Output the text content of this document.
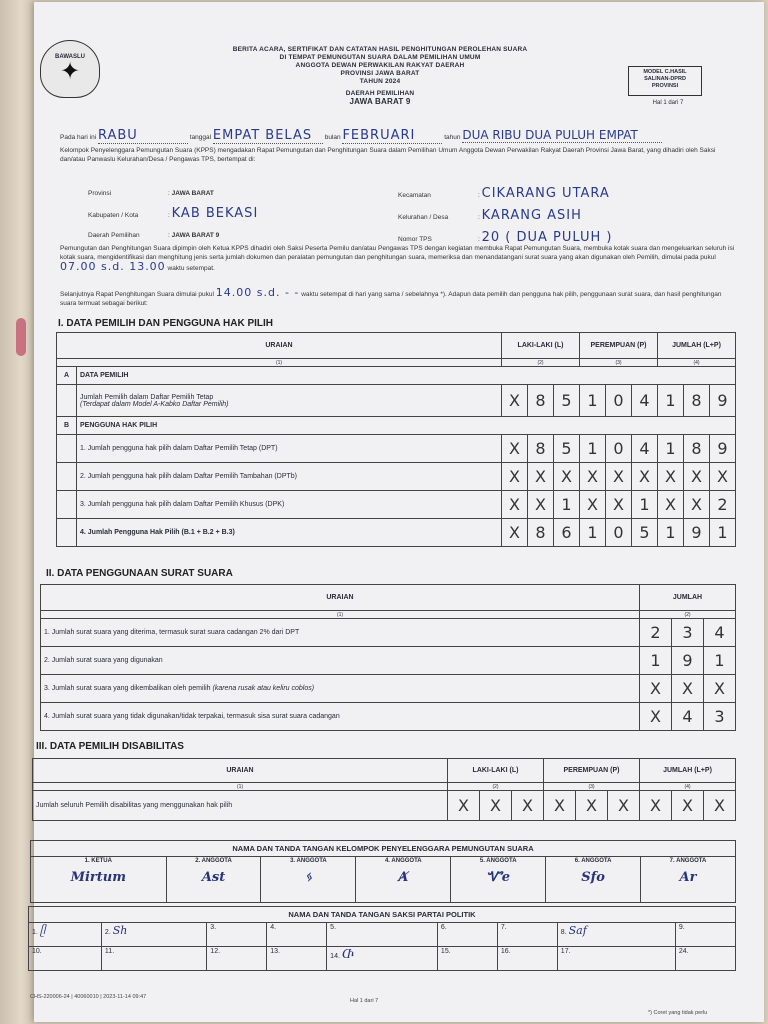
BAWASLU
✦
BERITA ACARA, SERTIFIKAT DAN CATATAN HASIL PENGHITUNGAN PEROLEHAN SUARA
DI TEMPAT PEMUNGUTAN SUARA DALAM PEMILIHAN UMUM
ANGGOTA DEWAN PERWAKILAN RAKYAT DAERAH
PROVINSI JAWA BARAT
TAHUN 2024
DAERAH PEMILIHAN
JAWA BARAT 9
MODEL C.HASIL
SALINAN-DPRD
PROVINSI
Hal 1 dari 7
Pada hari ini RABU	tanggal EMPAT BELAS bulan FEBRUARI	tahun DUA RIBU DUA PULUH EMPAT
Kelompok Penyelenggara Pemungutan Suara (KPPS) mengadakan Rapat Pemungutan dan Penghitungan Suara dalam Pemilihan Umum Anggota Dewan Perwakilan Rakyat Daerah Provinsi Jawa Barat, yang dihadiri oleh Saksi dan/atau Panwaslu Kelurahan/Desa / Pengawas TPS, bertempat di:
Provinsi	: JAWA BARAT
Kabupaten / Kota	: KAB BEKASI
Daerah Pemilihan	: JAWA BARAT 9
Kecamatan	: CIKARANG UTARA
Kelurahan / Desa	: KARANG ASIH
Nomor TPS	: 20 ( DUA PULUH )
Pemungutan dan Penghitungan Suara dipimpin oleh Ketua KPPS dihadiri oleh Saksi Peserta Pemilu dan/atau Pengawas TPS dengan kegiatan membuka Rapat Pemungutan Suara, membuka kotak suara dan mengeluarkan seluruh isi kotak suara, mengidentifikasi dan menghitung jenis serta jumlah dokumen dan peralatan pemungutan dan penghitungan suara, memeriksa dan menandatangani surat suara yang akan digunakan oleh Pemilih, dimulai pada pukul 07.00 s.d. 13.00 waktu setempat.
Selanjutnya Rapat Penghitungan Suara dimulai pukul 14.00 s.d. - - waktu setempat di hari yang sama / sebelahnya *). Adapun data pemilih dan pengguna hak pilih, penggunaan surat suara, dan hasil penghitungan suara termuat sebagai berikut:
I. DATA PEMILIH DAN PENGGUNA HAK PILIH
URAIAN		LAKI-LAKI (L)			PEREMPUAN (P)			JUMLAH (L+P)		
(1)		(2)			(3)			(4)		
A	DATA PEMILIH									

	Jumlah Pemilih dalam Daftar Pemilih Tetap
(Terdapat dalam Model A-Kabko Daftar Pemilih)	X	8	5	1	0	4	1	8	9
B	PENGGUNA HAK PILIH									
	1. Jumlah pengguna hak pilih dalam Daftar Pemilih Tetap (DPT)	X	8	5	1	0	4	1	8	9
	2. Jumlah pengguna hak pilih dalam Daftar Pemilih Tambahan (DPTb)	X	X	X	X	X	X	X	X	X
	3. Jumlah pengguna hak pilih dalam Daftar Pemilih Khusus (DPK)	X	X	1	X	X	1	X	X	2
	4. Jumlah Pengguna Hak Pilih (B.1 + B.2 + B.3)	X	8	6	1	0	5	1	9	1
II. DATA PENGGUNAAN SURAT SUARA
URAIAN	JUMLAH		
(1)	(2)		
1. Jumlah surat suara yang diterima, termasuk surat suara cadangan 2% dari DPT	2	3	4
2. Jumlah surat suara yang digunakan	1	9	1
3. Jumlah surat suara yang dikembalikan oleh pemilih (karena rusak atau keliru coblos)	X	X	X
4. Jumlah surat suara yang tidak digunakan/tidak terpakai, termasuk sisa surat suara cadangan	X	4	3
III. DATA PEMILIH DISABILITAS
URAIAN	LAKI-LAKI (L)			PEREMPUAN (P)			JUMLAH (L+P)		
(1)	(2)			(3)			(4)		
Jumlah seluruh Pemilih disabilitas yang menggunakan hak pilih	X	X	X	X	X	X	X	X	X
NAMA DAN TANDA TANGAN KELOMPOK PENYELENGGARA PEMUNGUTAN SUARA
1. KETUA
Mirtum
	2. ANGGOTA
Ast
	3. ANGGOTA
ᛃ
	4. ANGGOTA
Ⱥ
	5. ANGGOTA
Ꮙe
	6. ANGGOTA
Sfo
	7. ANGGOTA
Ar
NAMA DAN TANDA TANGAN SAKSI PARTAI POLITIK								
1. ᥫ	2. Sh	3.	4.	5.	6.	7.	8. Saf	9.
10.	11.	12.	13.	14. Ⴇ	15.	16.	17.	24.
CHS-220006-24 | 40060010 | 2023-11-14 09:47
Hal 1 dari 7
*) Coret yang tidak perlu
